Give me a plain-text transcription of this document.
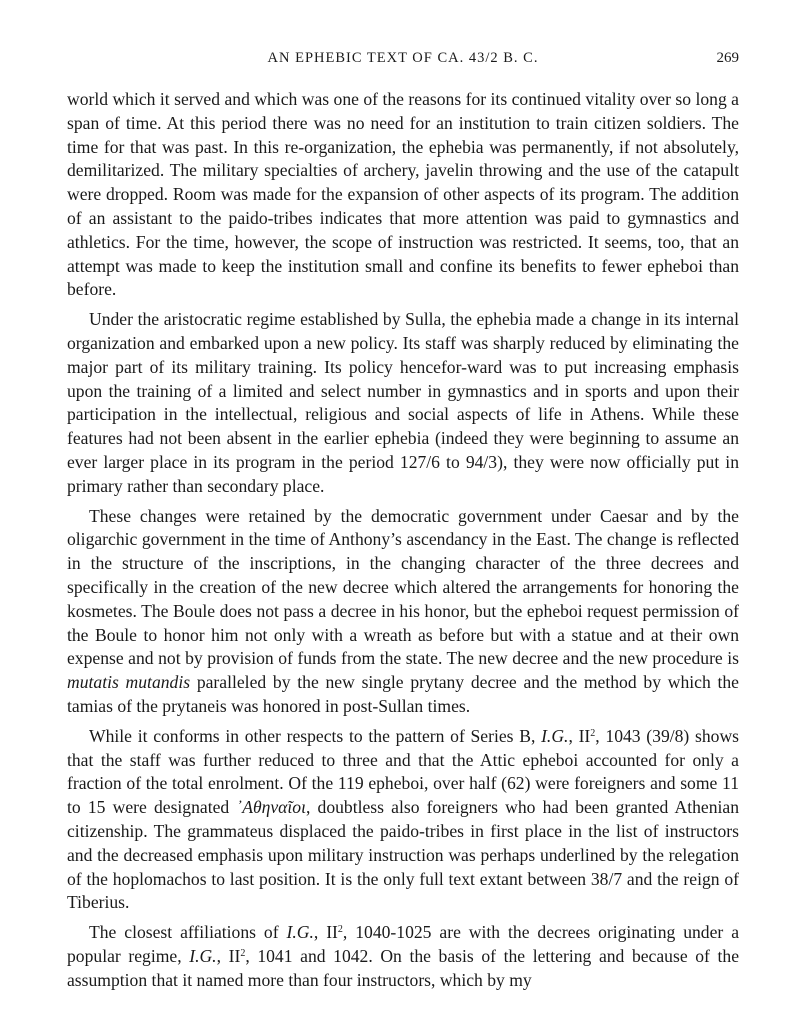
AN EPHEBIC TEXT OF CA. 43/2 B. C.	269

world which it served and which was one of the reasons for its continued vitality over so long a span of time. At this period there was no need for an institution to train citizen soldiers. The time for that was past. In this re-organization, the ephebia was permanently, if not absolutely, demilitarized. The military specialties of archery, javelin throwing and the use of the catapult were dropped. Room was made for the expansion of other aspects of its program. The addition of an assistant to the paido-tribes indicates that more attention was paid to gymnastics and athletics. For the time, however, the scope of instruction was restricted. It seems, too, that an attempt was made to keep the institution small and confine its benefits to fewer epheboi than before.

Under the aristocratic regime established by Sulla, the ephebia made a change in its internal organization and embarked upon a new policy. Its staff was sharply reduced by eliminating the major part of its military training. Its policy hencefor-ward was to put increasing emphasis upon the training of a limited and select number in gymnastics and in sports and upon their participation in the intellectual, religious and social aspects of life in Athens. While these features had not been absent in the earlier ephebia (indeed they were beginning to assume an ever larger place in its program in the period 127/6 to 94/3), they were now officially put in primary rather than secondary place.

These changes were retained by the democratic government under Caesar and by the oligarchic government in the time of Anthony’s ascendancy in the East. The change is reflected in the structure of the inscriptions, in the changing character of the three decrees and specifically in the creation of the new decree which altered the arrangements for honoring the kosmetes. The Boule does not pass a decree in his honor, but the epheboi request permission of the Boule to honor him not only with a wreath as before but with a statue and at their own expense and not by provision of funds from the state. The new decree and the new procedure is mutatis mutandis paralleled by the new single prytany decree and the method by which the tamias of the prytaneis was honored in post-Sullan times.

While it conforms in other respects to the pattern of Series B, I.G., $II^2$, 1043 (39/8) shows that the staff was further reduced to three and that the Attic epheboi accounted for only a fraction of the total enrolment. Of the 119 epheboi, over half (62) were foreigners and some 11 to 15 were designated ᾿Αθηναῖοι, doubtless also foreigners who had been granted Athenian citizenship. The grammateus displaced the paido-tribes in first place in the list of instructors and the decreased emphasis upon military instruction was perhaps underlined by the relegation of the hoplomachos to last position. It is the only full text extant between 38/7 and the reign of Tiberius.

The closest affiliations of I.G., $II^2$, 1040-1025 are with the decrees originating under a popular regime, I.G., $II^2$, 1041 and 1042. On the basis of the lettering and because of the assumption that it named more than four instructors, which by my
